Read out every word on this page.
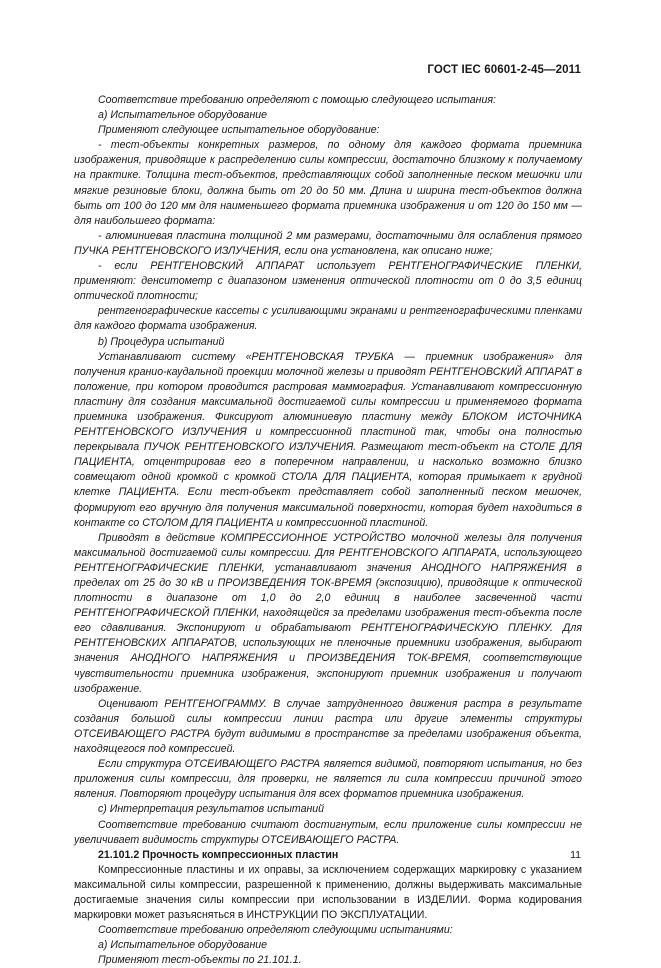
ГОСТ IEC 60601-2-45—2011

Соответствие требованию определяют с помощью следующего испытания:

a) Испытательное оборудование

Применяют следующее испытательное оборудование:

- тест-объекты конкретных размеров, по одному для каждого формата приемника изображения, приводящие к распределению силы компрессии, достаточно близкому к получаемому на практике. Толщина тест-объектов, представляющих собой заполненные песком мешочки или мягкие резиновые блоки, должна быть от 20 до 50 мм. Длина и ширина тест-объектов должна быть от 100 до 120 мм для наименьшего формата приемника изображения и от 120 до 150 мм — для наибольшего формата:

- алюминиевая пластина толщиной 2 мм размерами, достаточными для ослабления прямого ПУЧКА РЕНТГЕНОВСКОГО ИЗЛУЧЕНИЯ, если она установлена, как описано ниже;

- если РЕНТГЕНОВСКИЙ АППАРАТ использует РЕНТГЕНОГРАФИЧЕСКИЕ ПЛЕНКИ, применяют: денситометр с диапазоном изменения оптической плотности от 0 до 3,5 единиц оптической плотности;

рентгенографические кассеты с усиливающими экранами и рентгенографическими пленками для каждого формата изображения.

b) Процедура испытаний

Устанавливают систему «РЕНТГЕНОВСКАЯ ТРУБКА — приемник изображения» для получения кранио-каудальной проекции молочной железы и приводят РЕНТГЕНОВСКИЙ АППАРАТ в положение, при котором проводится растровая маммография. Устанавливают компрессионную пластину для создания максимальной достигаемой силы компрессии и применяемого формата приемника изображения. Фиксируют алюминиевую пластину между БЛОКОМ ИСТОЧНИКА РЕНТГЕНОВСКОГО ИЗЛУЧЕНИЯ и компрессионной пластиной так, чтобы она полностью перекрывала ПУЧОК РЕНТГЕНОВСКОГО ИЗЛУЧЕНИЯ. Размещают тест-объект на СТОЛЕ ДЛЯ ПАЦИЕНТА, отцентрировав его в поперечном направлении, и насколько возможно близко совмещают одной кромкой с кромкой СТОЛА ДЛЯ ПАЦИЕНТА, которая примыкает к грудной клетке ПАЦИЕНТА. Если тест-объект представляет собой заполненный песком мешочек, формируют его вручную для получения максимальной поверхности, которая будет находиться в контакте со СТОЛОМ ДЛЯ ПАЦИЕНТА и компрессионной пластиной.

Приводят в действие КОМПРЕССИОННОЕ УСТРОЙСТВО молочной железы для получения максимальной достигаемой силы компрессии. Для РЕНТГЕНОВСКОГО АППАРАТА, использующего РЕНТГЕНОГРАФИЧЕСКИЕ ПЛЕНКИ, устанавливают значения АНОДНОГО НАПРЯЖЕНИЯ в пределах от 25 до 30 кВ и ПРОИЗВЕДЕНИЯ ТОК-ВРЕМЯ (экспозицию), приводящие к оптической плотности в диапазоне от 1,0 до 2,0 единиц в наиболее засвеченной части РЕНТГЕНОГРАФИЧЕСКОЙ ПЛЕНКИ, находящейся за пределами изображения тест-объекта после его сдавливания. Экспонируют и обрабатывают РЕНТГЕНОГРАФИЧЕСКУЮ ПЛЕНКУ. Для РЕНТГЕНОВСКИХ АППАРАТОВ, использующих не пленочные приемники изображения, выбирают значения АНОДНОГО НАПРЯЖЕНИЯ и ПРОИЗВЕДЕНИЯ ТОК-ВРЕМЯ, соответствующие чувствительности приемника изображения, экспонируют приемник изображения и получают изображение.

Оценивают РЕНТГЕНОГРАММУ. В случае затрудненного движения растра в результате создания большой силы компрессии линии растра или другие элементы структуры ОТСЕИВАЮЩЕГО РАСТРА будут видимыми в пространстве за пределами изображения объекта, находящегося под компрессией.

Если структура ОТСЕИВАЮЩЕГО РАСТРА является видимой, повторяют испытания, но без приложения силы компрессии, для проверки, не является ли сила компрессии причиной этого явления. Повторяют процедуру испытания для всех форматов приемника изображения.

c) Интерпретация результатов испытаний

Соответствие требованию считают достигнутым, если приложение силы компрессии не увеличивает видимость структуры ОТСЕИВАЮЩЕГО РАСТРА.

21.101.2 Прочность компрессионных пластин

Компрессионные пластины и их оправы, за исключением содержащих маркировку с указанием максимальной силы компрессии, разрешенной к применению, должны выдерживать максимальные достигаемые значения силы компрессии при использовании в ИЗДЕЛИИ. Форма кодирования маркировки может разъясняться в ИНСТРУКЦИИ ПО ЭКСПЛУАТАЦИИ.

Соответствие требованию определяют следующими испытаниями:

a) Испытательное оборудование

Применяют тест-объекты по 21.101.1.

11
